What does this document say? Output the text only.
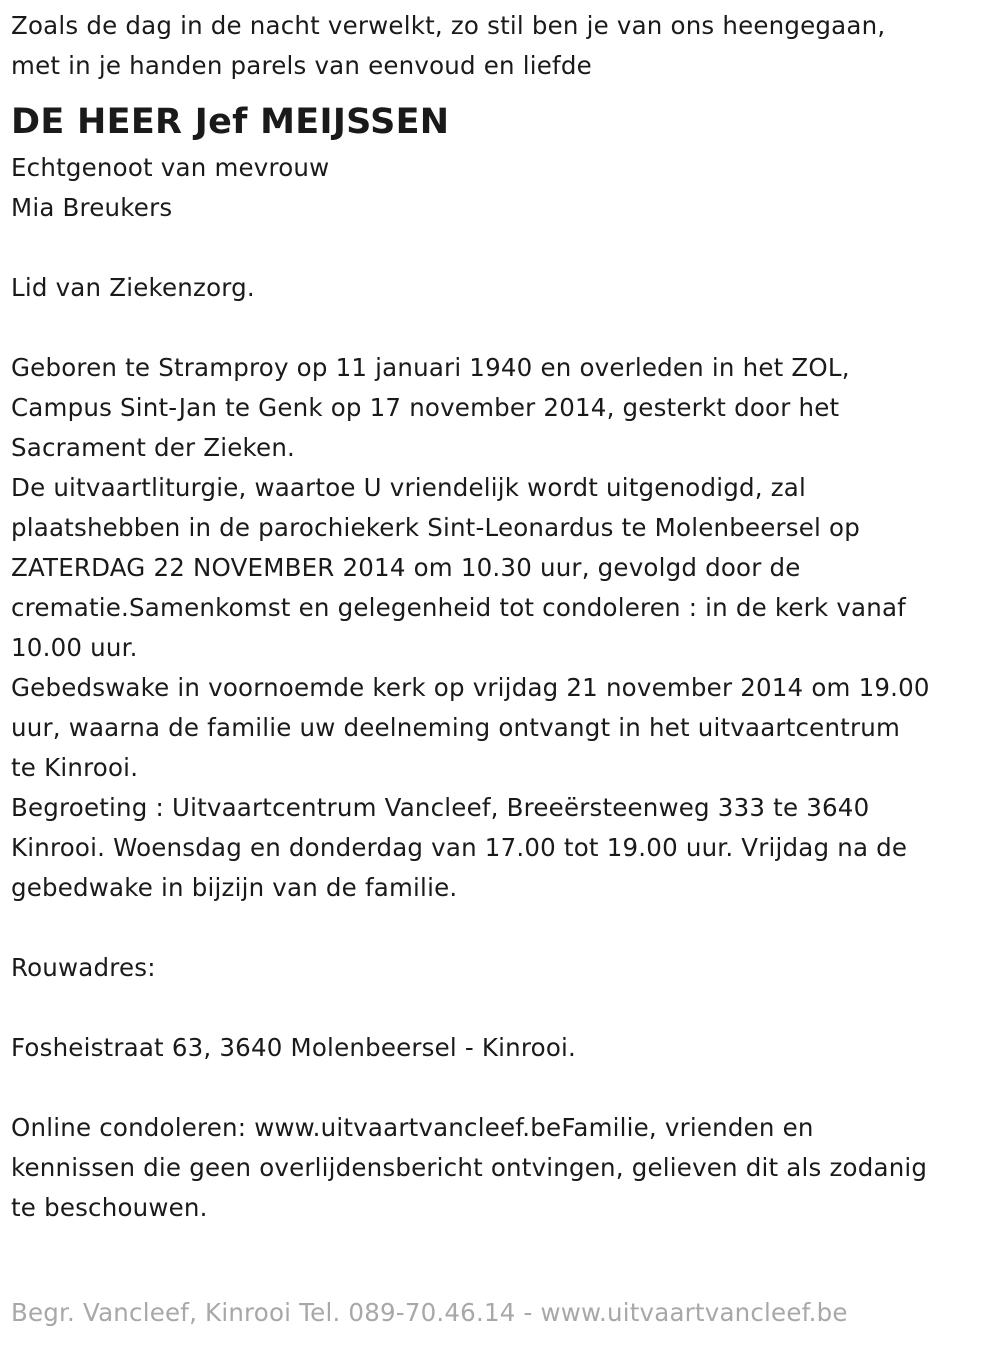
Zoals de dag in de nacht verwelkt, zo stil ben je van ons heengegaan,
met in je handen parels van eenvoud en liefde
DE HEER Jef MEIJSSEN
Echtgenoot van mevrouw
Mia Breukers
Lid van Ziekenzorg.
Geboren te Stramproy op 11 januari 1940 en overleden in het ZOL,
Campus Sint-Jan te Genk op 17 november 2014, gesterkt door het
Sacrament der Zieken.
De uitvaartliturgie, waartoe U vriendelijk wordt uitgenodigd, zal
plaatshebben in de parochiekerk Sint-Leonardus te Molenbeersel op
ZATERDAG 22 NOVEMBER 2014 om 10.30 uur, gevolgd door de
crematie.Samenkomst en gelegenheid tot condoleren : in de kerk vanaf
10.00 uur.
Gebedswake in voornoemde kerk op vrijdag 21 november 2014 om 19.00
uur, waarna de familie uw deelneming ontvangt in het uitvaartcentrum
te Kinrooi.
Begroeting : Uitvaartcentrum Vancleef, Breeërsteenweg 333 te 3640
Kinrooi. Woensdag en donderdag van 17.00 tot 19.00 uur. Vrijdag na de
gebedwake in bijzijn van de familie.
Rouwadres:
Fosheistraat 63, 3640 Molenbeersel - Kinrooi.
Online condoleren: www.uitvaartvancleef.beFamilie, vrienden en
kennissen die geen overlijdensbericht ontvingen, gelieven dit als zodanig
te beschouwen.
Begr. Vancleef, Kinrooi Tel. 089-70.46.14 - www.uitvaartvancleef.be
